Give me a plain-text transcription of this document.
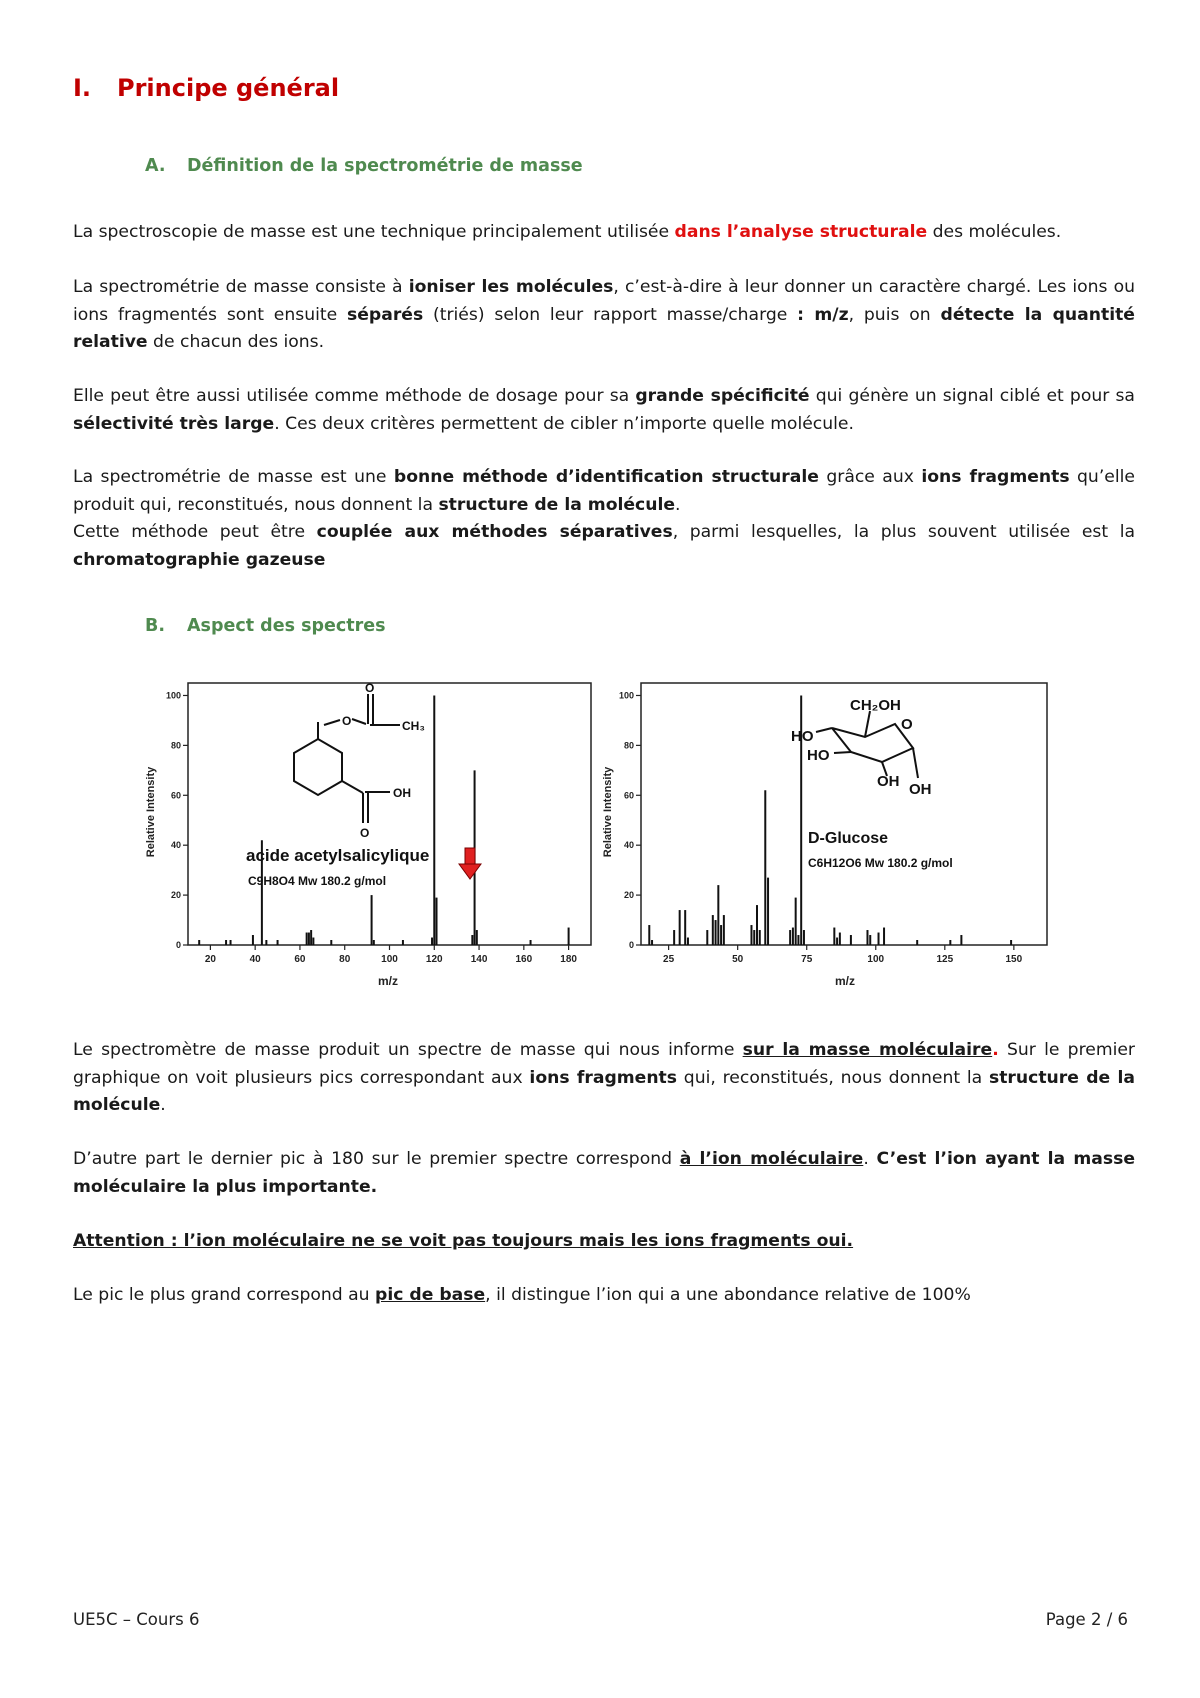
I. Principe général
A. Définition de la spectrométrie de masse
La spectroscopie de masse est une technique principalement utilisée dans l’analyse structurale des molécules.
La spectrométrie de masse consiste à ioniser les molécules, c’est-à-dire à leur donner un caractère chargé. Les ions ou ions fragmentés sont ensuite séparés (triés) selon leur rapport masse/charge : m/z, puis on détecte la quantité relative de chacun des ions.
Elle peut être aussi utilisée comme méthode de dosage pour sa grande spécificité qui génère un signal ciblé et pour sa sélectivité très large. Ces deux critères permettent de cibler n’importe quelle molécule.
La spectrométrie de masse est une bonne méthode d’identification structurale grâce aux ions fragments qu’elle produit qui, reconstitués, nous donnent la structure de la molécule.
Cette méthode peut être couplée aux méthodes séparatives, parmi lesquelles, la plus souvent utilisée est la chromatographie gazeuse
B. Aspect des spectres
0
20
40
60
80
100
20	40	60	80	100	120	140	160	180
Relative Intensity
m/z
O
O
CH₃
OH
O
acide acetylsalicylique
C9H8O4 Mw 180.2 g/mol
0
20
40
60
80
100
25	50	75	100	125	150
Relative Intensity
m/z
CH₂OH
O
HO
HO
OH OH
D-Glucose
C6H12O6 Mw 180.2 g/mol
Le spectromètre de masse produit un spectre de masse qui nous informe sur la masse moléculaire. Sur le premier graphique on voit plusieurs pics correspondant aux ions fragments qui, reconstitués, nous donnent la structure de la molécule.
D’autre part le dernier pic à 180 sur le premier spectre correspond à l’ion moléculaire. C’est l’ion ayant la masse moléculaire la plus importante.
Attention : l’ion moléculaire ne se voit pas toujours mais les ions fragments oui.
Le pic le plus grand correspond au pic de base, il distingue l’ion qui a une abondance relative de 100%
UE5C – Cours 6	Page 2 / 6
